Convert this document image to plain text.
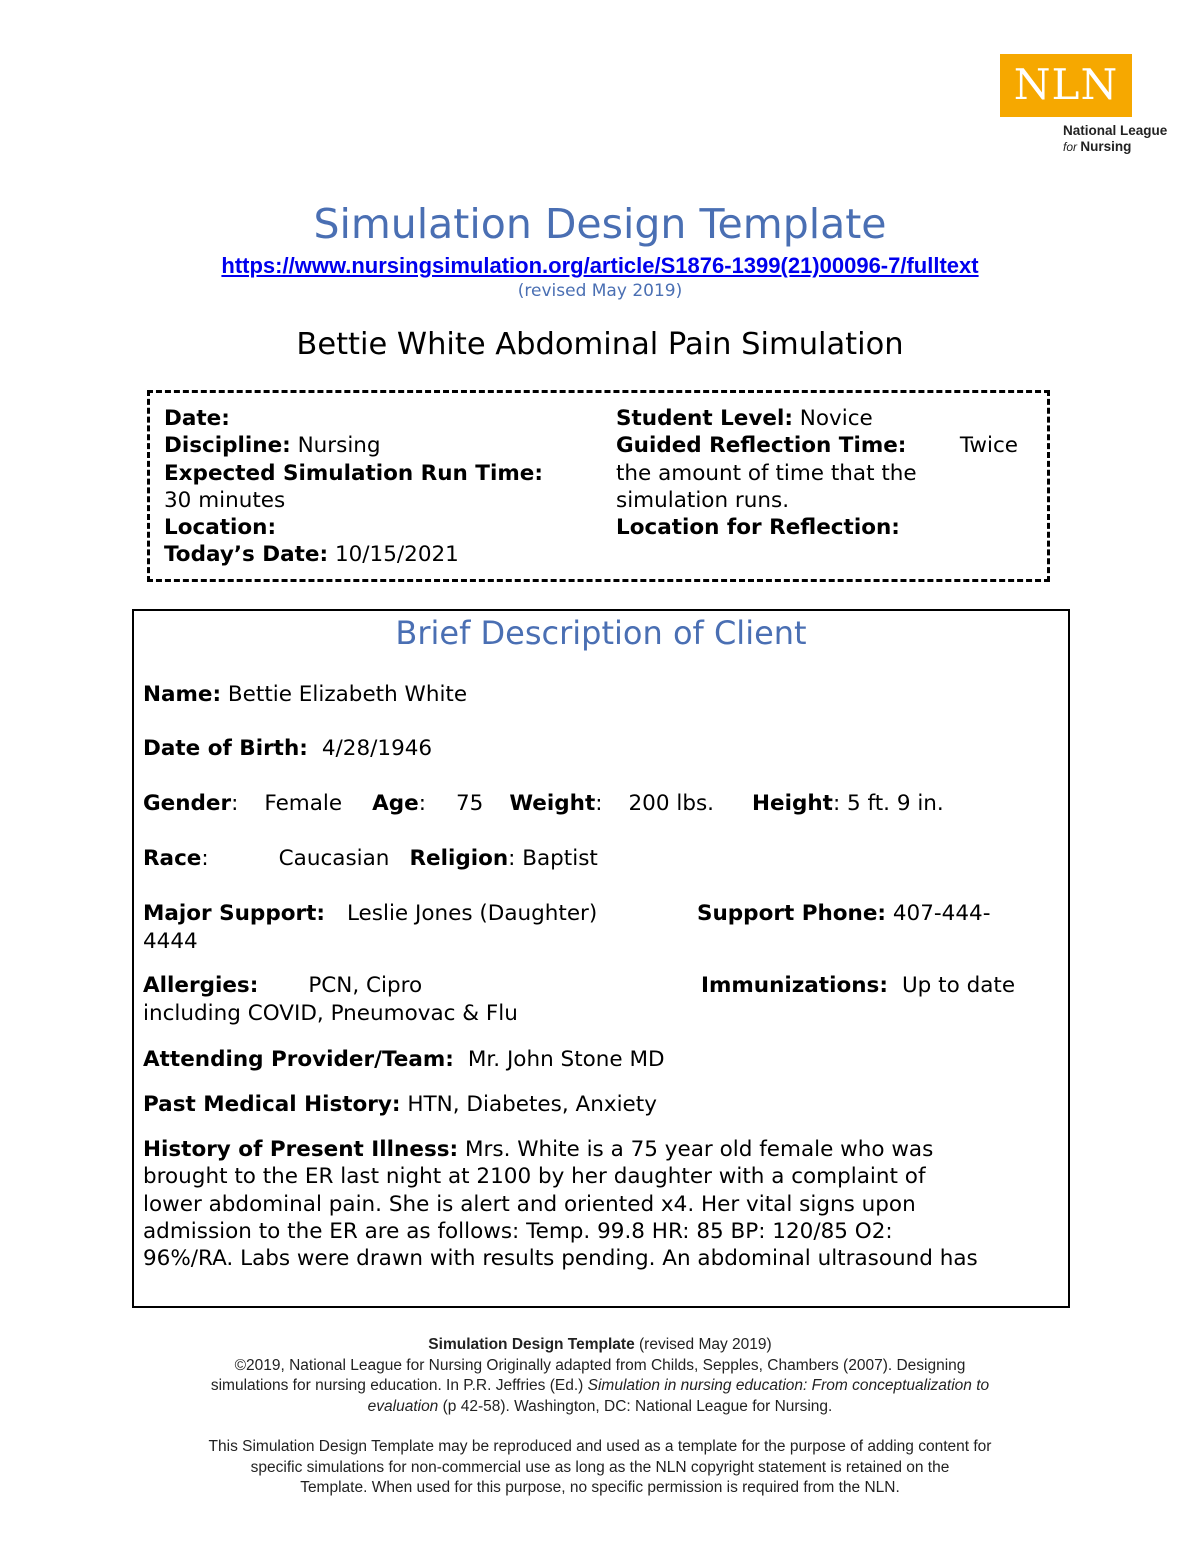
NLN
National League
for Nursing
Simulation Design Template
https://www.nursingsimulation.org/article/S1876-1399(21)00096-7/fulltext
(revised May 2019)
Bettie White Abdominal Pain Simulation
Date:
Discipline: Nursing
Expected Simulation Run Time:
30 minutes
Location:
Today’s Date: 10/15/2021
Student Level: Novice
Guided Reflection Time: Twice
the amount of time that the
simulation runs.
Location for Reflection:
Brief Description of Client
Name: Bettie Elizabeth White
Date of Birth: 4/28/1946
Gender: Female Age: 75 Weight: 200 lbs. Height: 5 ft. 9 in.
Race:	Caucasian Religion: Baptist
Major Support: Leslie Jones (Daughter)	Support Phone: 407-444-
4444
Allergies: PCN, Cipro	Immunizations: Up to date
including COVID, Pneumovac & Flu
Attending Provider/Team: Mr. John Stone MD
Past Medical History: HTN, Diabetes, Anxiety
History of Present Illness: Mrs. White is a 75 year old female who was
brought to the ER last night at 2100 by her daughter with a complaint of
lower abdominal pain. She is alert and oriented x4. Her vital signs upon
admission to the ER are as follows: Temp. 99.8 HR: 85 BP: 120/85 O2:
96%/RA. Labs were drawn with results pending. An abdominal ultrasound has
Simulation Design Template (revised May 2019)
©2019, National League for Nursing Originally adapted from Childs, Sepples, Chambers (2007). Designing
simulations for nursing education. In P.R. Jeffries (Ed.) Simulation in nursing education: From conceptualization to
evaluation (p 42-58). Washington, DC: National League for Nursing.
This Simulation Design Template may be reproduced and used as a template for the purpose of adding content for
specific simulations for non-commercial use as long as the NLN copyright statement is retained on the
Template. When used for this purpose, no specific permission is required from the NLN.
